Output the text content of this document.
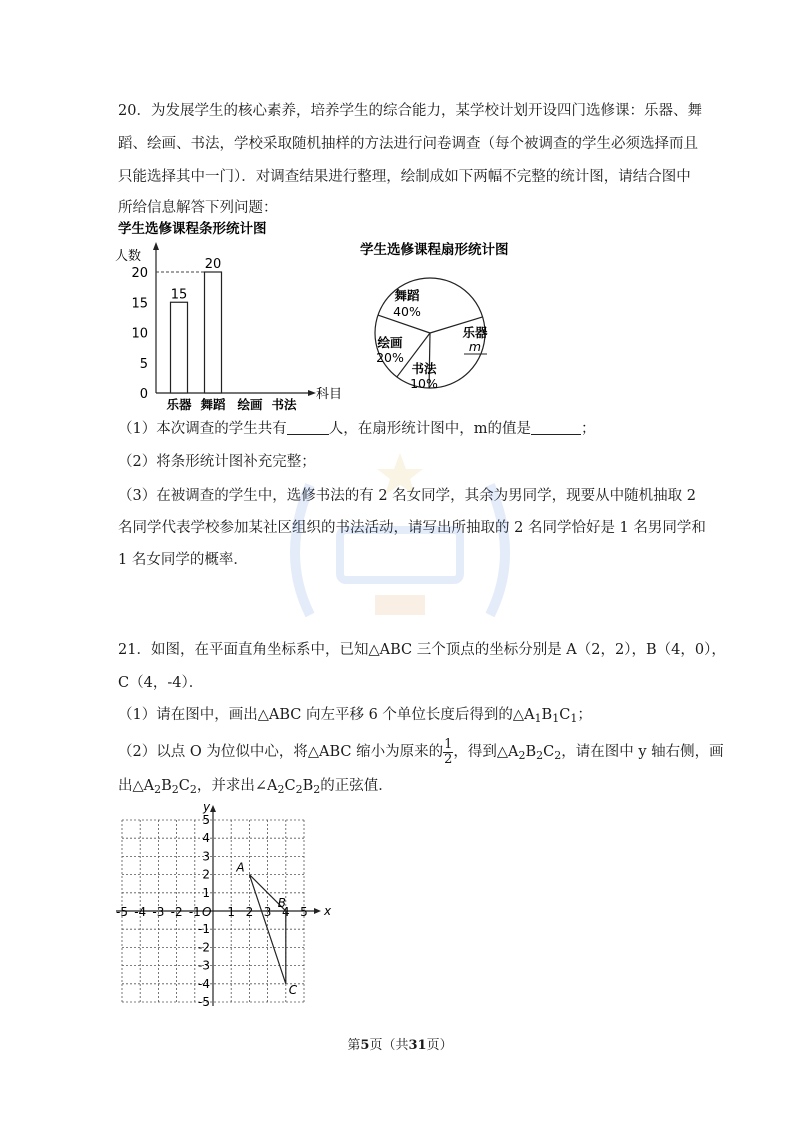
20．为发展学生的核心素养，培养学生的综合能力，某学校计划开设四门选修课：乐器、舞
蹈、绘画、书法，学校采取随机抽样的方法进行问卷调查（每个被调查的学生必须选择而且
只能选择其中一门）．对调查结果进行整理，绘制成如下两幅不完整的统计图，请结合图中
所给信息解答下列问题：
学生选修课程条形统计图
人数
0
5
10
15
20
科目
15
乐器
20
舞蹈 绘画 书法
学生选修课程扇形统计图
舞蹈
40%
乐器
m
书法
10%
绘画
20%
（1）本次调查的学生共有	人，在扇形统计图中，m的值是	；
（2）将条形统计图补充完整；
（3）在被调查的学生中，选修书法的有 2 名女同学，其余为男同学，现要从中随机抽取 2
名同学代表学校参加某社区组织的书法活动，请写出所抽取的 2 名同学恰好是 1 名男同学和
1 名女同学的概率．
21．如图，在平面直角坐标系中，已知△ABC 三个顶点的坐标分别是 A（2，2），B（4，0），
C（4，-4）．
（1）请在图中，画出△ABC 向左平移 6 个单位长度后得到的$\triangle A_1B_1C_1$；
（2）以点 O 为位似中心，将△ABC 缩小为原来的 $\frac{1}{2}$ ，得到$\triangle A_2B_2C_2$，请在图中 y 轴右侧，画
出$\triangle A_2B_2C_2$，并求出$\angle A_2C_2B_2$的正弦值．
x
y
O
-5 -4 -3 -2 -1 1 2 3 4 5
5
4
3
2
1
-1
-2
-3
-4
-5
A
B
C
第5页（共31页）
